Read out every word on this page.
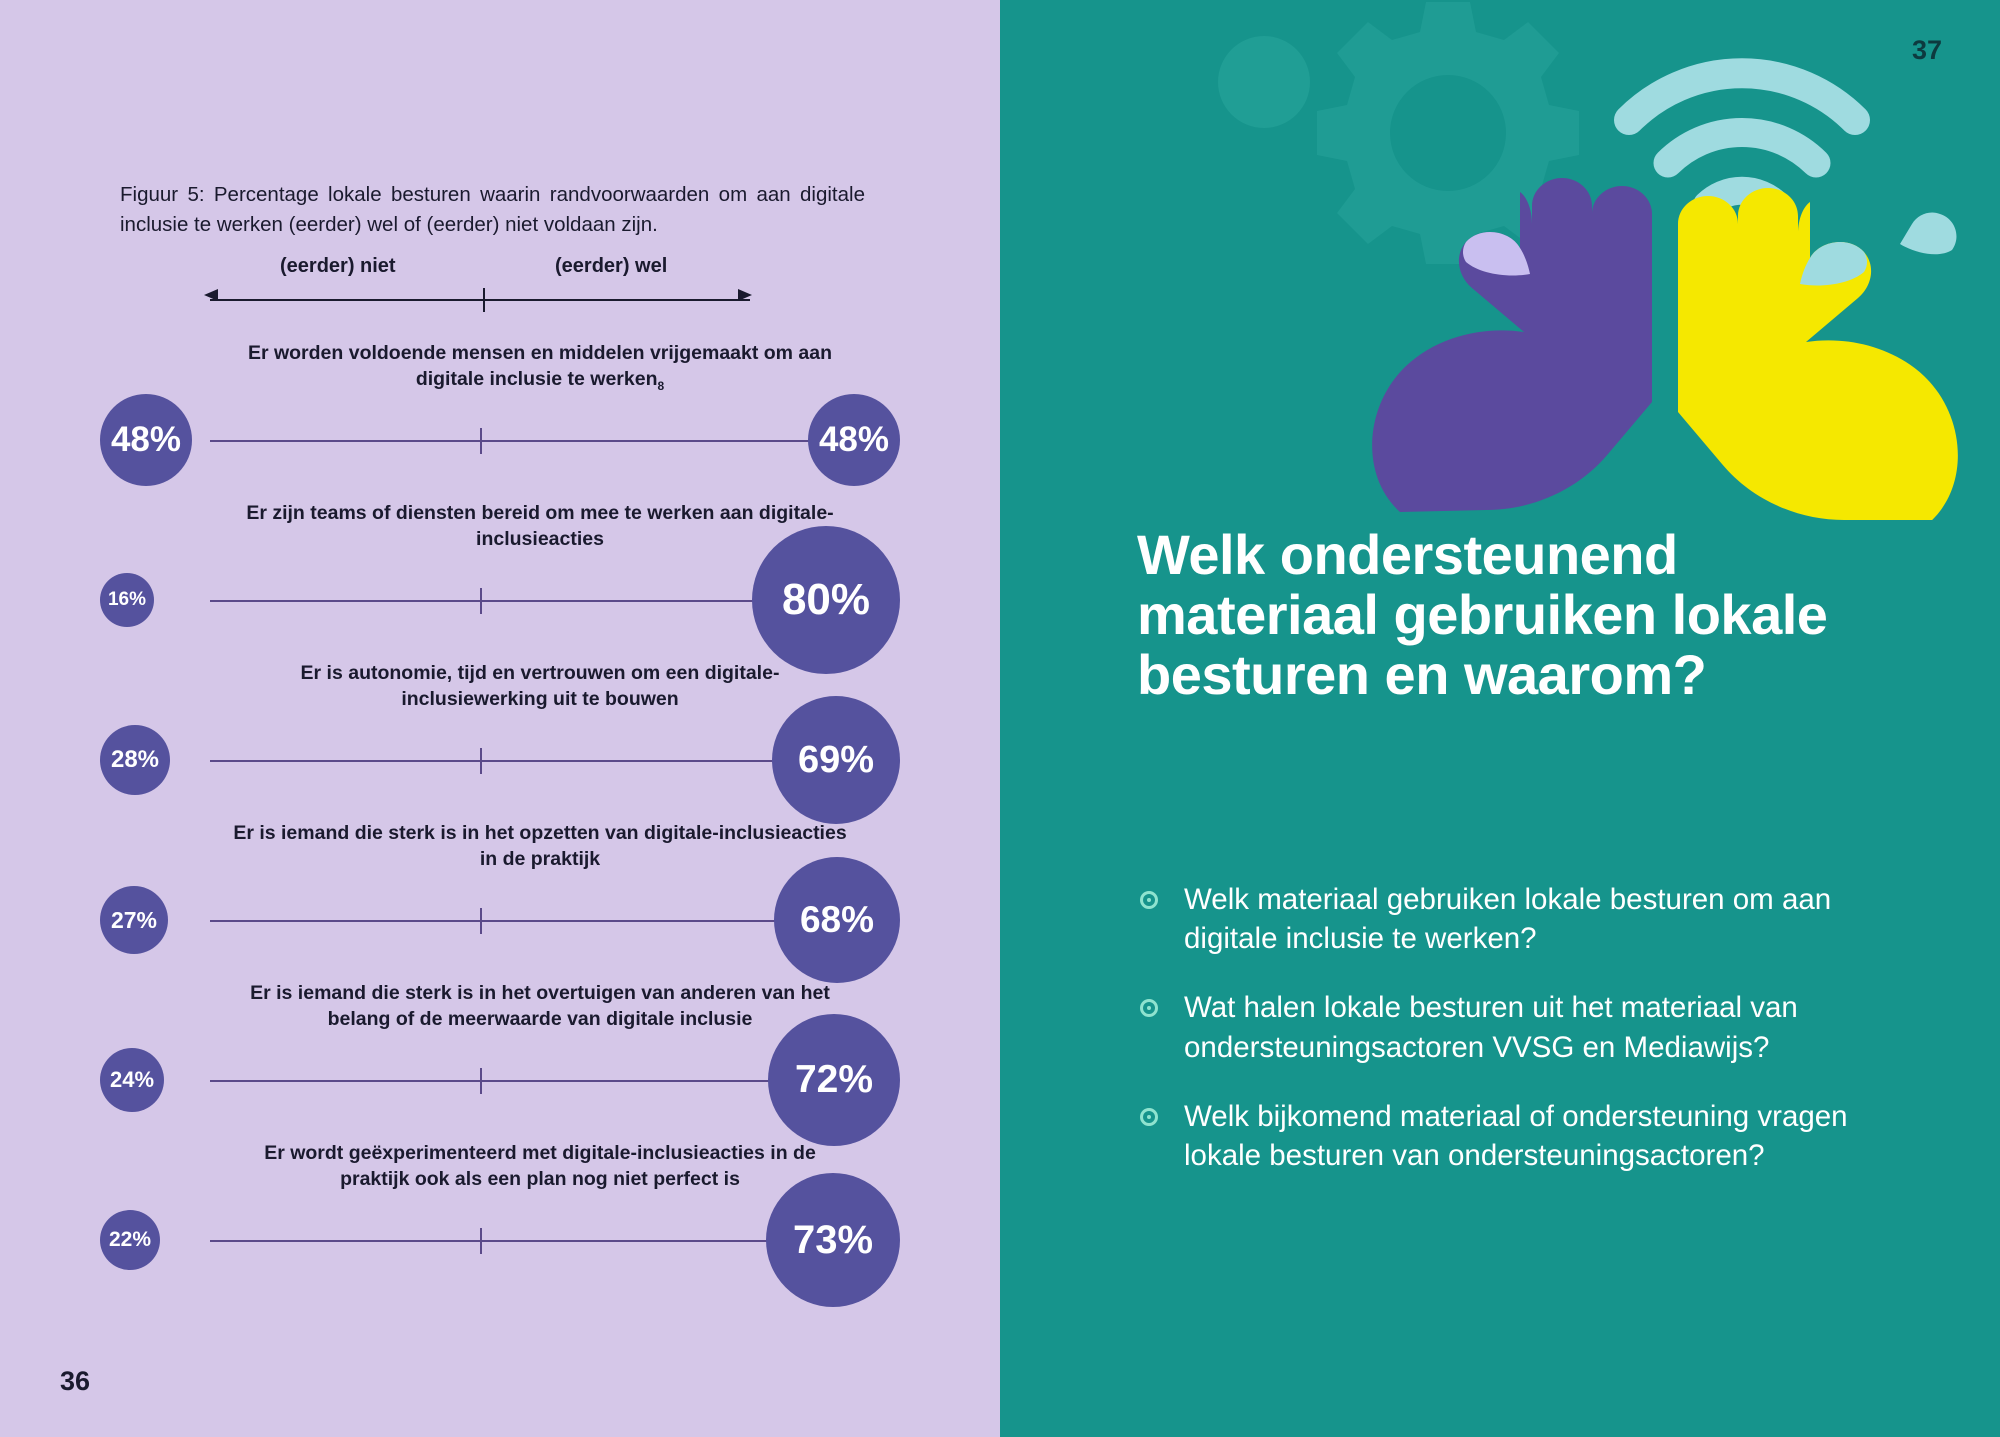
Figuur 5: Percentage lokale besturen waarin randvoorwaarden om aan digitale inclusie te werken (eerder) wel of (eerder) niet voldaan zijn.
(eerder) niet	(eerder) wel
Er worden voldoende mensen en middelen vrijgemaakt om aan digitale inclusie te werken$_8$
48%	48%
Er zijn teams of diensten bereid om mee te werken aan digitale-inclusieacties
16%	80%
Er is autonomie, tijd en vertrouwen om een digitale-inclusiewerking uit te bouwen
28%	69%
Er is iemand die sterk is in het opzetten van digitale-inclusieacties in de praktijk
27%	68%
Er is iemand die sterk is in het overtuigen van anderen van het belang of de meerwaarde van digitale inclusie
24%	72%
Er wordt geëxperimenteerd met digitale-inclusieacties in de praktijk ook als een plan nog niet perfect is
22%	73%
36
37
Welk ondersteunend materiaal gebruiken lokale besturen en waarom?
Welk materiaal gebruiken lokale besturen om aan digitale inclusie te werken?
Wat halen lokale besturen uit het materiaal van ondersteuningsactoren VVSG en Mediawijs?
Welk bijkomend materiaal of ondersteuning vragen lokale besturen van ondersteuningsactoren?
